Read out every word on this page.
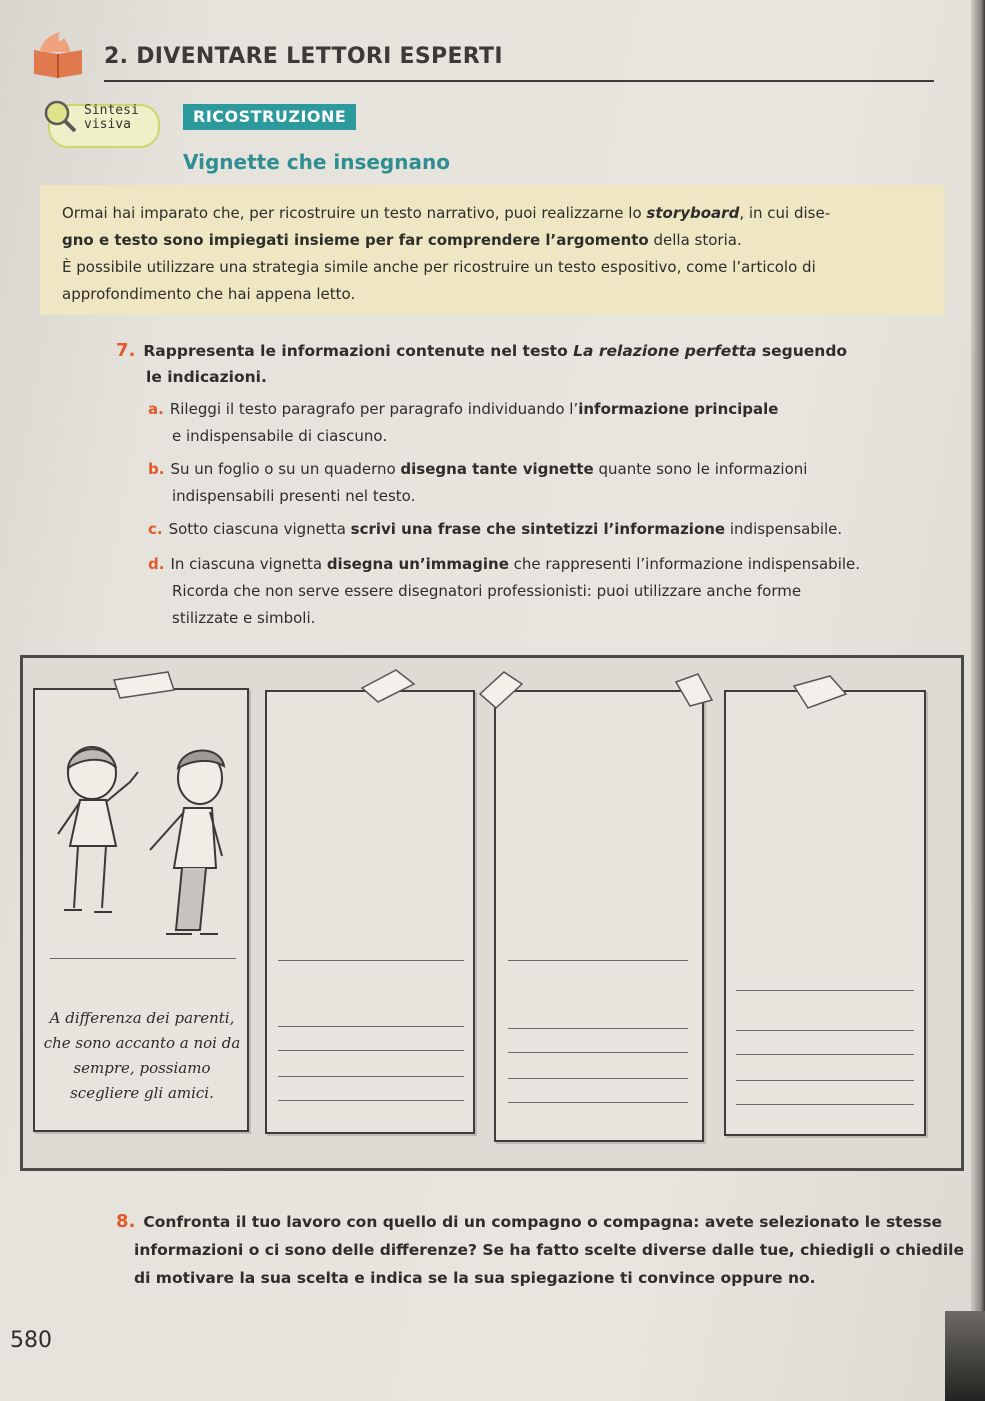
2. DIVENTARE LETTORI ESPERTI
Sintesi
visiva	RICOSTRUZIONE
Vignette che insegnano
Ormai hai imparato che, per ricostruire un testo narrativo, puoi realizzarne lo storyboard, in cui dise-
gno e testo sono impiegati insieme per far comprendere l’argomento della storia.
È possibile utilizzare una strategia simile anche per ricostruire un testo espositivo, come l’articolo di approfondimento che hai appena letto.
7. Rappresenta le informazioni contenute nel testo La relazione perfetta seguendo
le indicazioni.
a. Rileggi il testo paragrafo per paragrafo individuando l’informazione principale
e indispensabile di ciascuno.
b. Su un foglio o su un quaderno disegna tante vignette quante sono le informazioni
indispensabili presenti nel testo.
c. Sotto ciascuna vignetta scrivi una frase che sintetizzi l’informazione indispensabile.
d. In ciascuna vignetta disegna un’immagine che rappresenti l’informazione indispensabile.
Ricorda che non serve essere disegnatori professionisti: puoi utilizzare anche forme
stilizzate e simboli.
A differenza dei parenti, che sono accanto a noi da sempre, possiamo scegliere gli amici.
8. Confronta il tuo lavoro con quello di un compagno o compagna: avete selezionato le stesse
informazioni o ci sono delle differenze? Se ha fatto scelte diverse dalle tue, chiedigli o chiedile
di motivare la sua scelta e indica se la sua spiegazione ti convince oppure no.
580
